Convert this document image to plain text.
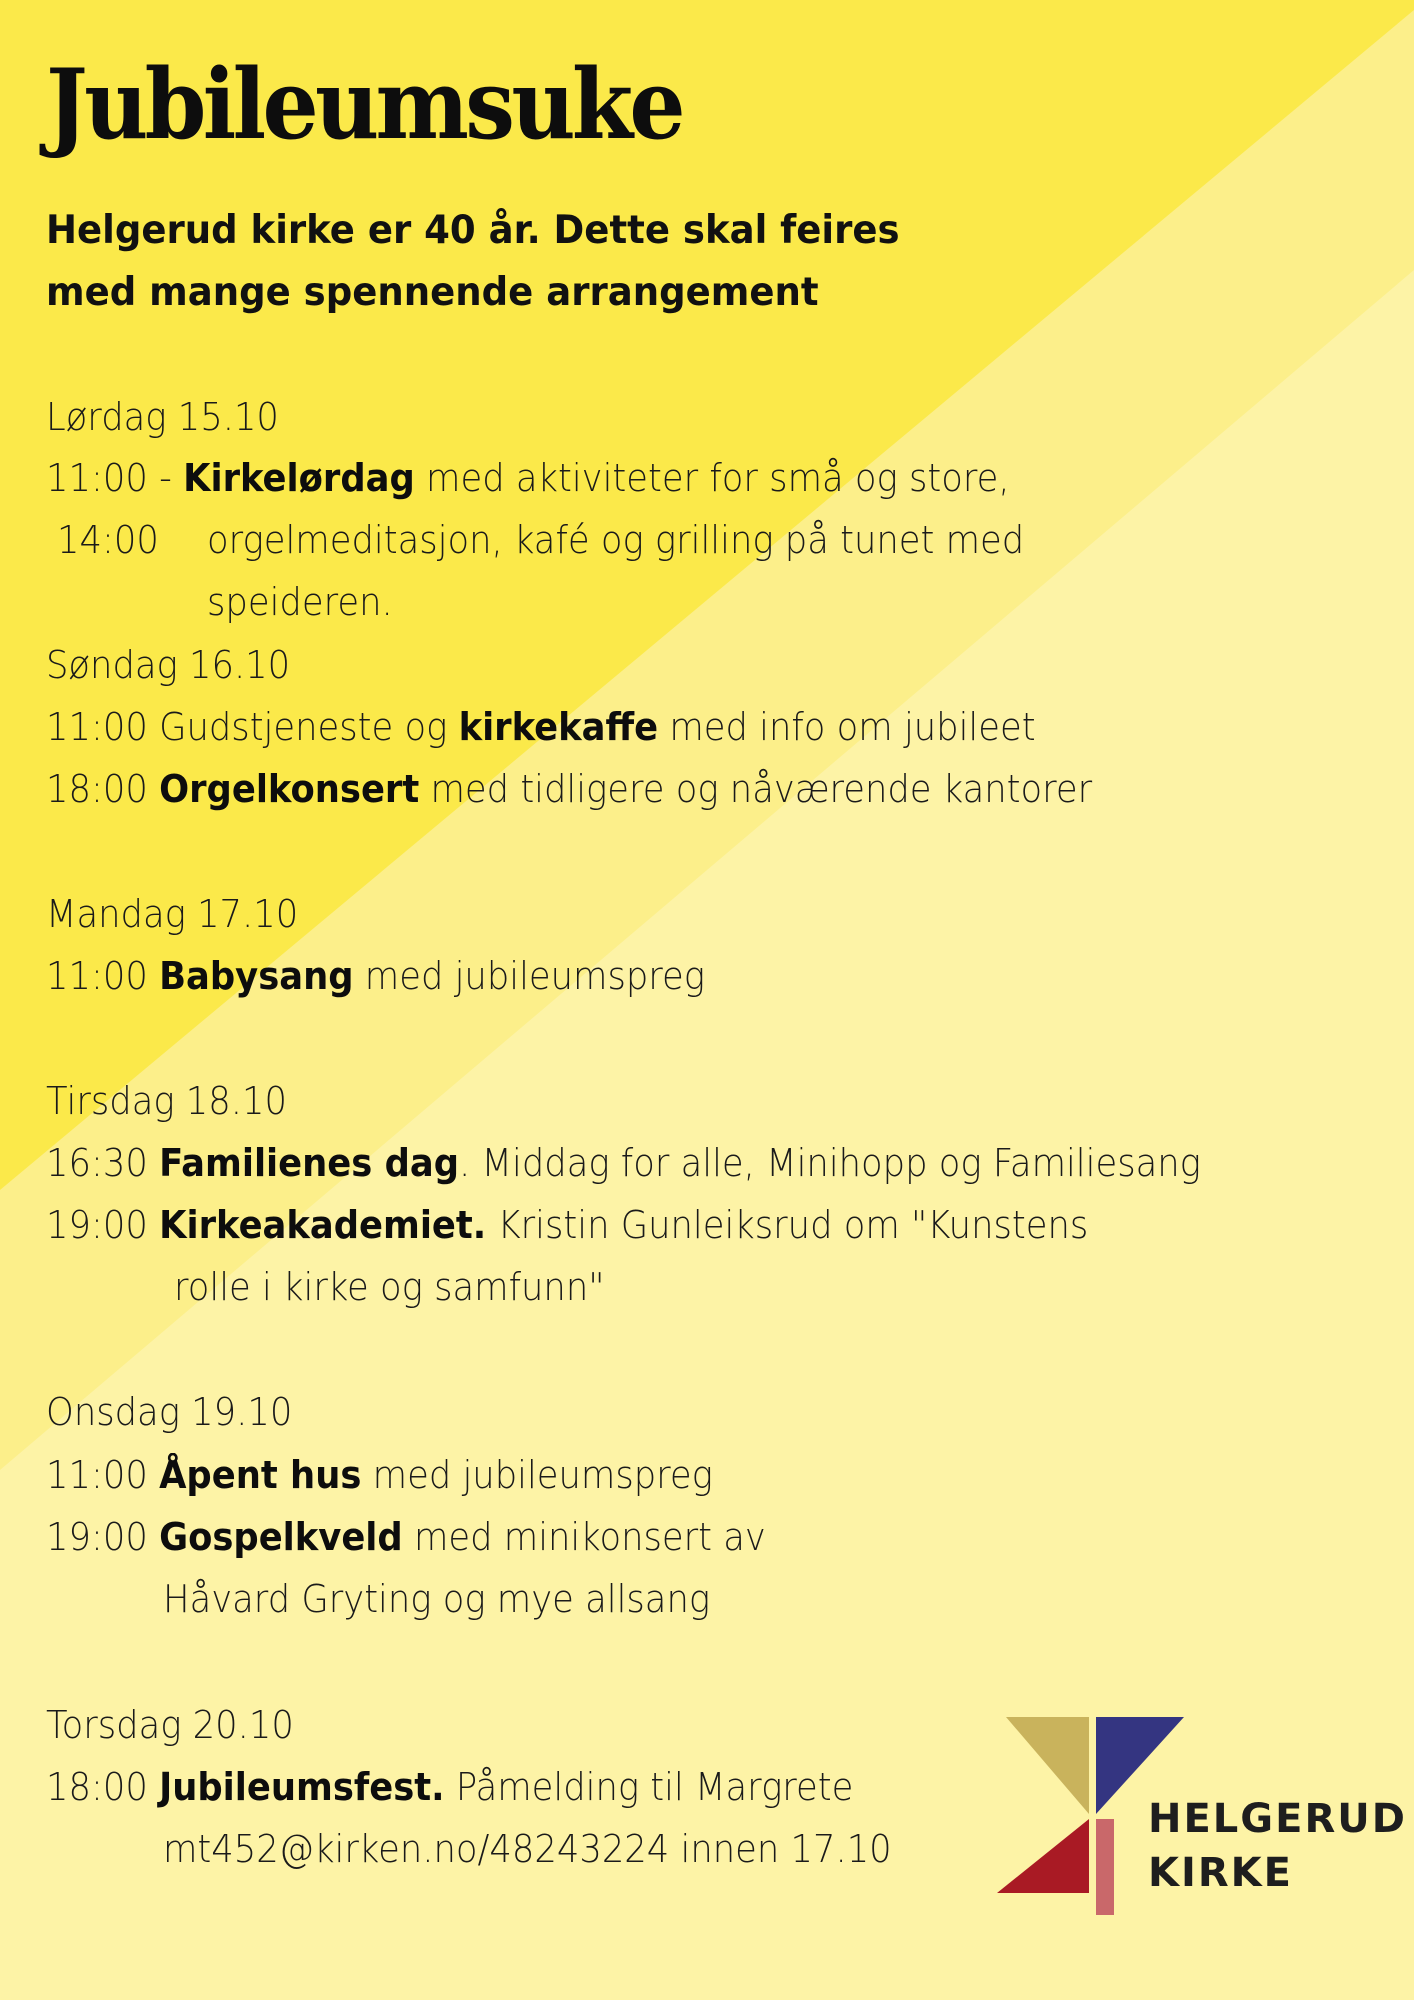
Jubileumsuke
Helgerud kirke er 40 år. Dette skal feires
med mange spennende arrangement
Lørdag 15.10
11:00 - Kirkelørdag med aktiviteter for små og store,
14:00 orgelmeditasjon, kafé og grilling på tunet med
speideren.
Søndag 16.10
11:00 Gudstjeneste og kirkekaffe med info om jubileet
18:00 Orgelkonsert med tidligere og nåværende kantorer
Mandag 17.10
11:00 Babysang med jubileumspreg
Tirsdag 18.10
16:30 Familienes dag. Middag for alle, Minihopp og Familiesang
19:00 Kirkeakademiet. Kristin Gunleiksrud om "Kunstens
rolle i kirke og samfunn"
Onsdag 19.10
11:00 Åpent hus med jubileumspreg
19:00 Gospelkveld med minikonsert av
Håvard Gryting og mye allsang
Torsdag 20.10
18:00 Jubileumsfest. Påmelding til Margrete
mt452@kirken.no/48243224 innen 17.10
HELGERUD
KIRKE
